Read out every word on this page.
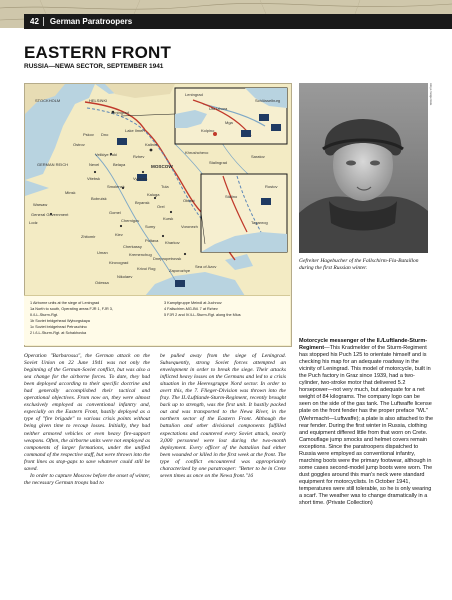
42	German Paratroopers
EASTERN FRONT
RUSSIA—NEWA SECTOR, SEPTEMBER 1941
STOCKHOLM	HELSINKI
Leningrad
Leningrad
Schlüsselburg
Mga
Kolpino
Ust Izhora
Pskov
Ostrov
Dno
Lake Ilmen
Velikiye Luki
Nevel
Rzhev
Kalinin
Belaya	MOSCOW
Vitebsk	Vyazma
Smolensk	Tula
Kaluga
Minsk
Bobruisk
Bryansk
Orel
Oblast
Gomel
Chernigov	Kursk
Sumy	Voronezh
GERMAN REICH
Warsaw
General Government
Lodz
Zhitomir	Kiev
Poltava Kharkov
Cherkassy
Kremenchug
Uman
Kirovograd
Dnepropetrovsk
Krivoi Rog	Zaporozhye
Nikolaev
Odessa
Sea of Azov
Stalino
Taganrog
Rostov
Saratov
Stalingrad
Khrushchevo
1 Airborne units at the siege of Leningrad
1a North to south, Operating areas FJR 1, FJR 3,
II./LL-Sturm-Rgt.
1b Soviet bridgehead Wyborgskaya
1c Soviet bridgehead Petruschino
2 I./LL-Sturm-Rgt. at Schakhovka
3 Kampfgruppe Meindl at Juchnov
4 Fallschirm-MG-Btl. 7 at Rzhev
5 FJR 2 and IV./LL-Sturm-Rgt. along the Mius
Aloys Vetgemüle
Gefreiter Hagebucher of the Fallschirm-Fla-Bataillon during the first Russian winter.

Operation "Barbarossa", the German attack on the Soviet Union on 22 June 1941 was not only the beginning of the German-Soviet conflict, but was also a sea change for the airborne forces. To date, they had been deployed according to their specific doctrine and had generally accomplished their tactical and operational objectives. From now on, they were almost exclusively employed as conventional infantry and, especially on the Eastern Front, hastily deployed as a type of "fire brigade" to various crisis points without being given time to recoup losses. Initially, they had neither armored vehicles or even heavy fire-support weapons. Often, the airborne units were not employed as components of larger formations, under the unified command of the respective staff, but were thrown into the front lines as stop-gaps to save whatever could still be saved.

In order to capture Moscow before the onset of winter, the necessary German troops had to

be pulled away from the siege of Leningrad. Subsequently, strong Soviet forces attempted an envelopment in order to break the siege. Their attacks inflicted heavy losses on the Germans and led to a crisis situation in the Heeresgruppe Nord sector. In order to avert this, the 7. Flieger-Division was thrown into the fray. The II./Luftlande-Sturm-Regiment, recently brought back up to strength, was the first unit. It hastily packed out and was transported to the Newa River, in the northern sector of the Eastern Front. Although the battalion and other divisional components fulfilled expectations and countered every Soviet attack, nearly 3,000 personnel were lost during the two-month deployment. Every officer of the battalion had either been wounded or killed in the first week at the front. The type of conflict encountered was appropriately characterized by one paratrooper: "Better to be in Crete seven times as once on the Newa front."16

Motorcycle messenger of the II./Luftlande-Sturm-Regiment—This Kradmelder of the Sturm-Regiment has stopped his Puch 125 to orientate himself and is checking his map for an adequate roadway in the vicinity of Leningrad. This model of motorcycle, built in the Puch factory in Graz since 1939, had a two-cylinder, two-stroke motor that delivered 5.2 horsepower—not very much, but adequate for a net weight of 84 kilograms. The company logo can be seen on the side of the gas tank. The Luftwaffe license plate on the front fender has the proper preface "WL" (Wehrmacht—Luftwaffe); a plate is also attached to the rear fender. During the first winter in Russia, clothing and equipment differed little from that worn on Crete. Camouflage jump smocks and helmet covers remain exceptions. Since the paratroopers dispatched to Russia were employed as conventional infantry, marching boots were the primary footwear, although in some cases second-model jump boots were worn. The dust goggles around this man's neck were standard equipment for motorcyclists. In October 1941, temperatures were still tolerable, so he is only wearing a scarf. The weather was to change dramatically in a short time. (Private Collection)
